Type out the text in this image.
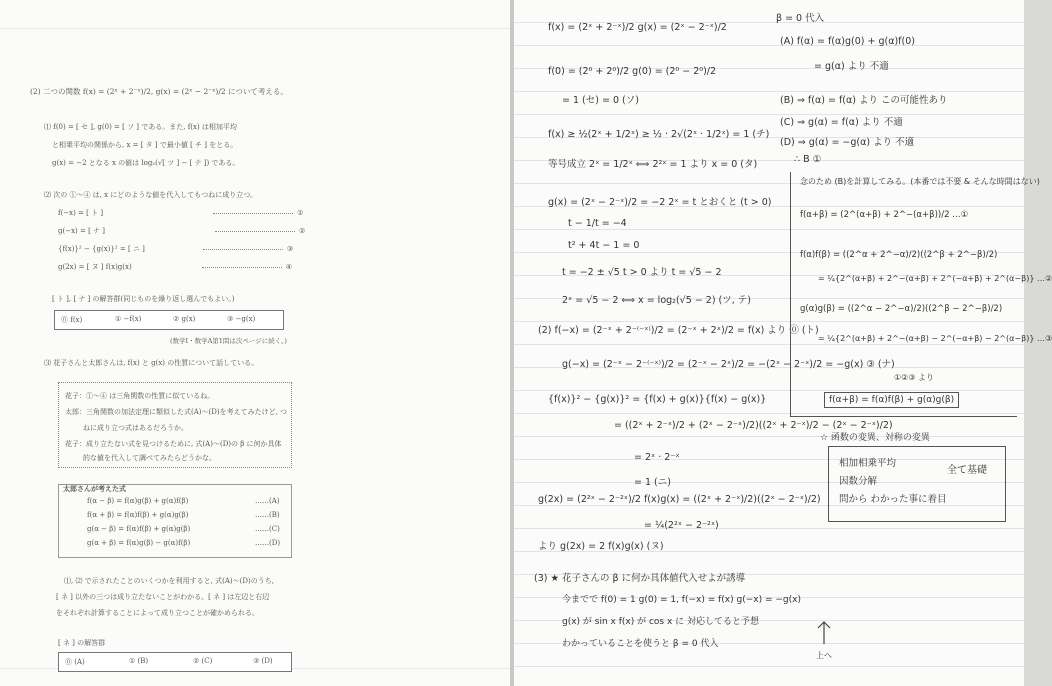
(2) 二つの関数 f(x) = (2ˣ + 2⁻ˣ)/2, g(x) = (2ˣ − 2⁻ˣ)/2 について考える。
⑴ f(0) = [ セ ], g(0) = [ ソ ] である。また, f(x) は相加平均
と相乗平均の関係から, x = [ タ ] で最小値 [ チ ] をとる。
g(x) = −2 となる x の値は log₂(√[ ツ ] − [ テ ]) である。
⑵ 次の ①〜④ は, x にどのような値を代入してもつねに成り立つ。
f(−x) = [ ト ]	①
g(−x) = [ ナ ]	②
{f(x)}² − {g(x)}² = [ ニ ]	③
g(2x) = [ ヌ ] f(x)g(x)	④
[ ト ], [ ナ ] の解答群(同じものを繰り返し選んでもよい。)
⓪ f(x)	① −f(x)	② g(x)	③ −g(x)
(数学Ⅰ・数学A第1問は次ページに続く。)
⑶ 花子さんと太郎さんは, f(x) と g(x) の性質について話している。
花子：①〜④ は三角関数の性質に似ているね。
太郎：三角関数の加法定理に類似した式(A)〜(D)を考えてみたけど, つ
ねに成り立つ式はあるだろうか。
花子：成り立たない式を見つけるために, 式(A)〜(D)の β に何か具体
的な値を代入して調べてみたらどうかな。
太郎さんが考えた式
f(α − β) = f(α)g(β) + g(α)f(β)	……(A)
f(α + β) = f(α)f(β) + g(α)g(β)	……(B)
g(α − β) = f(α)f(β) + g(α)g(β)	……(C)
g(α + β) = f(α)g(β) − g(α)f(β)	……(D)
⑴, ⑵ で示されたことのいくつかを利用すると, 式(A)〜(D)のうち,
[ ネ ] 以外の三つは成り立たないことがわかる。[ ネ ] は左辺と右辺
をそれぞれ計算することによって成り立つことが確かめられる。
[ ネ ] の解答群
⓪ (A)	① (B)	② (C)	③ (D)
f(x) = (2ˣ + 2⁻ˣ)/2 g(x) = (2ˣ − 2⁻ˣ)/2
f(0) = (2⁰ + 2⁰)/2 g(0) = (2⁰ − 2⁰)/2
= 1 (セ) = 0 (ソ)
f(x) ≥ ½(2ˣ + 1/2ˣ) ≥ ½ · 2√(2ˣ · 1/2ˣ) = 1 (チ)
等号成立 2ˣ = 1/2ˣ ⟺ 2²ˣ = 1 より x = 0 (タ)
g(x) = (2ˣ − 2⁻ˣ)/2 = −2 2ˣ = t とおくと (t > 0)
t − 1/t = −4
t² + 4t − 1 = 0
t = −2 ± √5 t > 0 より t = √5 − 2
2ˣ = √5 − 2 ⟺ x = log₂(√5 − 2) (ツ, テ)
(2) f(−x) = (2⁻ˣ + 2⁻⁽⁻ˣ⁾)/2 = (2⁻ˣ + 2ˣ)/2 = f(x) より ⓪ (ト)
g(−x) = (2⁻ˣ − 2⁻⁽⁻ˣ⁾)/2 = (2⁻ˣ − 2ˣ)/2 = −(2ˣ − 2⁻ˣ)/2 = −g(x) ③ (ナ)
{f(x)}² − {g(x)}² = {f(x) + g(x)}{f(x) − g(x)}
= ((2ˣ + 2⁻ˣ)/2 + (2ˣ − 2⁻ˣ)/2)((2ˣ + 2⁻ˣ)/2 − (2ˣ − 2⁻ˣ)/2)
= 2ˣ · 2⁻ˣ
= 1 (ニ)
g(2x) = (2²ˣ − 2⁻²ˣ)/2 f(x)g(x) = ((2ˣ + 2⁻ˣ)/2)((2ˣ − 2⁻ˣ)/2)
= ¼(2²ˣ − 2⁻²ˣ)
より g(2x) = 2 f(x)g(x) (ヌ)
β = 0 代入
(A) f(α) = f(α)g(0) + g(α)f(0)
= g(α) より 不適
(B) ⇒ f(α) = f(α) より この可能性あり
(C) ⇒ g(α) = f(α) より 不適
(D) ⇒ g(α) = −g(α) より 不適
∴ B ①
念のため (B)を計算してみる。(本番では不要 & そんな時間はない)
f(α+β) = (2^(α+β) + 2^−(α+β))/2 …①
f(α)f(β) = ((2^α + 2^−α)/2)((2^β + 2^−β)/2)
= ¼{2^(α+β) + 2^−(α+β) + 2^(−α+β) + 2^(α−β)} …②
g(α)g(β) = ((2^α − 2^−α)/2)((2^β − 2^−β)/2)
= ¼{2^(α+β) + 2^−(α+β) − 2^(−α+β) − 2^(α−β)} …③
①②③ より
f(α+β) = f(α)f(β) + g(α)g(β)
☆ 函数の変異、対称の変異
相加相乗平均
因数分解
問から わかった事に着目
全て基礎
(3) ★ 花子さんの β に何か具体値代入せよが誘導
今までで f(0) = 1 g(0) = 1, f(−x) = f(x) g(−x) = −g(x)
g(x) が sin x f(x) が cos x に 対応してると予想
わかっていることを使うと β = 0 代入
上へ
